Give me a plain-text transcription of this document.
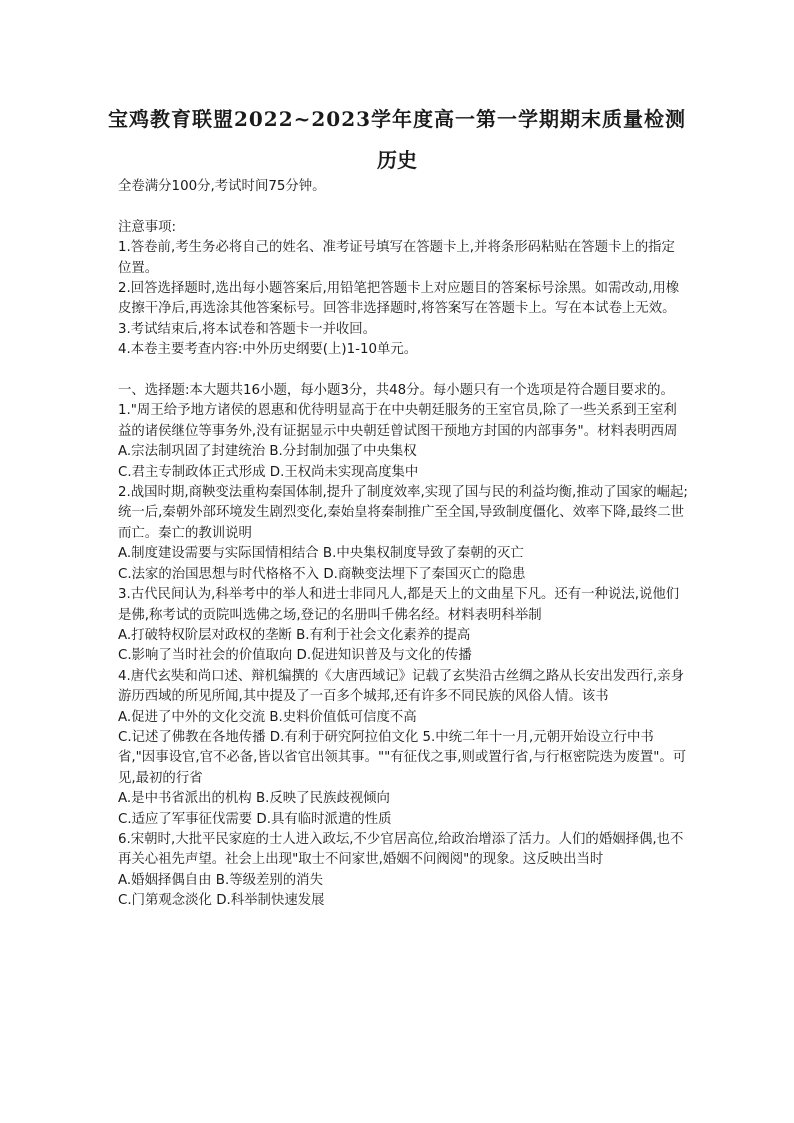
宝鸡教育联盟2022~2023学年度高一第一学期期末质量检测
历史

全卷满分100分,考试时间75分钟。

注意事项:

1.答卷前,考生务必将自己的姓名、准考证号填写在答题卡上,并将条形码粘贴在答题卡上的指定位置。

2.回答选择题时,选出每小题答案后,用铅笔把答题卡上对应题目的答案标号涂黑。如需改动,用橡皮擦干净后,再选涂其他答案标号。回答非选择题时,将答案写在答题卡上。写在本试卷上无效。

3.考试结束后,将本试卷和答题卡一并收回。

4.本卷主要考查内容:中外历史纲要(上)1-10单元。

一、选择题:本大题共16小题，每小题3分，共48分。每小题只有一个选项是符合题目要求的。

1."周王给予地方诸侯的恩惠和优待明显高于在中央朝廷服务的王室官员,除了一些关系到王室利益的诸侯继位等事务外,没有证据显示中央朝廷曾试图干预地方封国的内部事务"。材料表明西周

A.宗法制巩固了封建统治 B.分封制加强了中央集权

C.君主专制政体正式形成 D.王权尚未实现高度集中

2.战国时期,商鞅变法重构秦国体制,提升了制度效率,实现了国与民的利益均衡,推动了国家的崛起;统一后,秦朝外部环境发生剧烈变化,秦始皇将秦制推广至全国,导致制度僵化、效率下降,最终二世而亡。秦亡的教训说明

A.制度建设需要与实际国情相结合 B.中央集权制度导致了秦朝的灭亡

C.法家的治国思想与时代格格不入 D.商鞅变法埋下了秦国灭亡的隐患

3.古代民间认为,科举考中的举人和进士非同凡人,都是天上的文曲星下凡。还有一种说法,说他们是佛,称考试的贡院叫选佛之场,登记的名册叫千佛名经。材料表明科举制

A.打破特权阶层对政权的垄断 B.有利于社会文化素养的提高

C.影响了当时社会的价值取向 D.促进知识普及与文化的传播

4.唐代玄奘和尚口述、辩机编撰的《大唐西域记》记载了玄奘沿古丝绸之路从长安出发西行,亲身游历西域的所见所闻,其中提及了一百多个城邦,还有许多不同民族的风俗人情。该书

A.促进了中外的文化交流 B.史料价值低可信度不高

C.记述了佛教在各地传播 D.有利于研究阿拉伯文化 5.中统二年十一月,元朝开始设立行中书省,"因事设官,官不必备,皆以省官出领其事。""有征伐之事,则或置行省,与行枢密院迭为废置"。可见,最初的行省

A.是中书省派出的机构 B.反映了民族歧视倾向

C.适应了军事征伐需要 D.具有临时派遣的性质

6.宋朝时,大批平民家庭的士人进入政坛,不少官居高位,给政治增添了活力。人们的婚姻择偶,也不再关心祖先声望。社会上出现"取士不问家世,婚姻不问阀阅"的现象。这反映出当时

A.婚姻择偶自由 B.等级差别的消失

C.门第观念淡化 D.科举制快速发展
